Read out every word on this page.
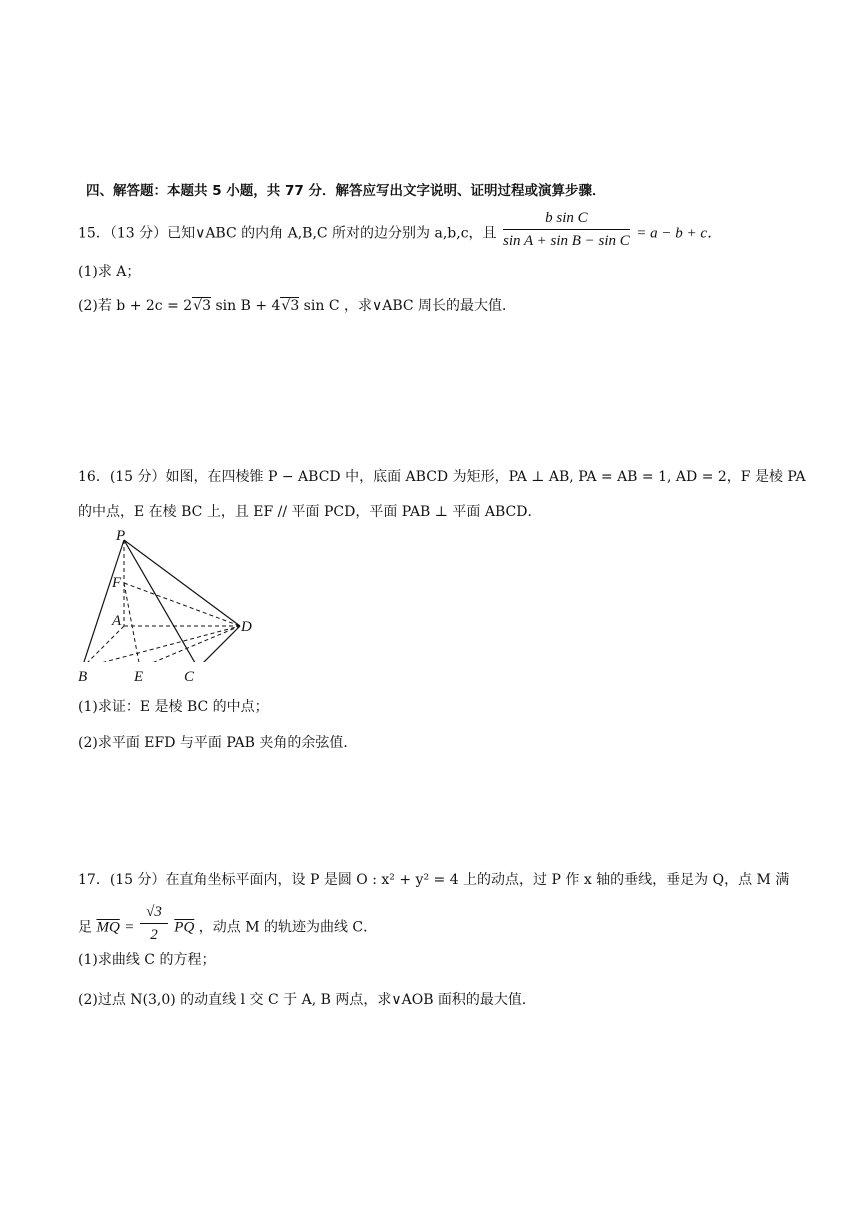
四、解答题：本题共 5 小题，共 77 分．解答应写出文字说明、证明过程或演算步骤．
15．（13 分）已知∨ABC 的内角 A,B,C 所对的边分别为 a,b,c，且 $\frac{\text{b sin C}}{\text{sin A + sin B − sin C}} = a - b + c$．
(1)求 A；
(2)若 b + 2c = 2√3 sin B + 4√3 sin C ，求∨ABC 周长的最大值．
16．(15 分）如图，在四棱锥 P − ABCD 中，底面 ABCD 为矩形，PA ⊥ AB, PA = AB = 1, AD = 2，F 是棱 PA
的中点，E 在棱 BC 上，且 EF // 平面 PCD，平面 PAB ⊥ 平面 ABCD．
P
F
A	D
B	E	C
(1)求证：E 是棱 BC 的中点；
(2)求平面 EFD 与平面 PAB 夹角的余弦值．
17．(15 分）在直角坐标平面内，设 P 是圆 O : x² + y² = 4 上的动点，过 P 作 x 轴的垂线，垂足为 Q，点 M 满
足 $\overline{MQ} = \frac{√3}{2} \overline{PQ}$ ，动点 M 的轨迹为曲线 C．
(1)求曲线 C 的方程；
(2)过点 N(3,0) 的动直线 l 交 C 于 A, B 两点，求∨AOB 面积的最大值．
